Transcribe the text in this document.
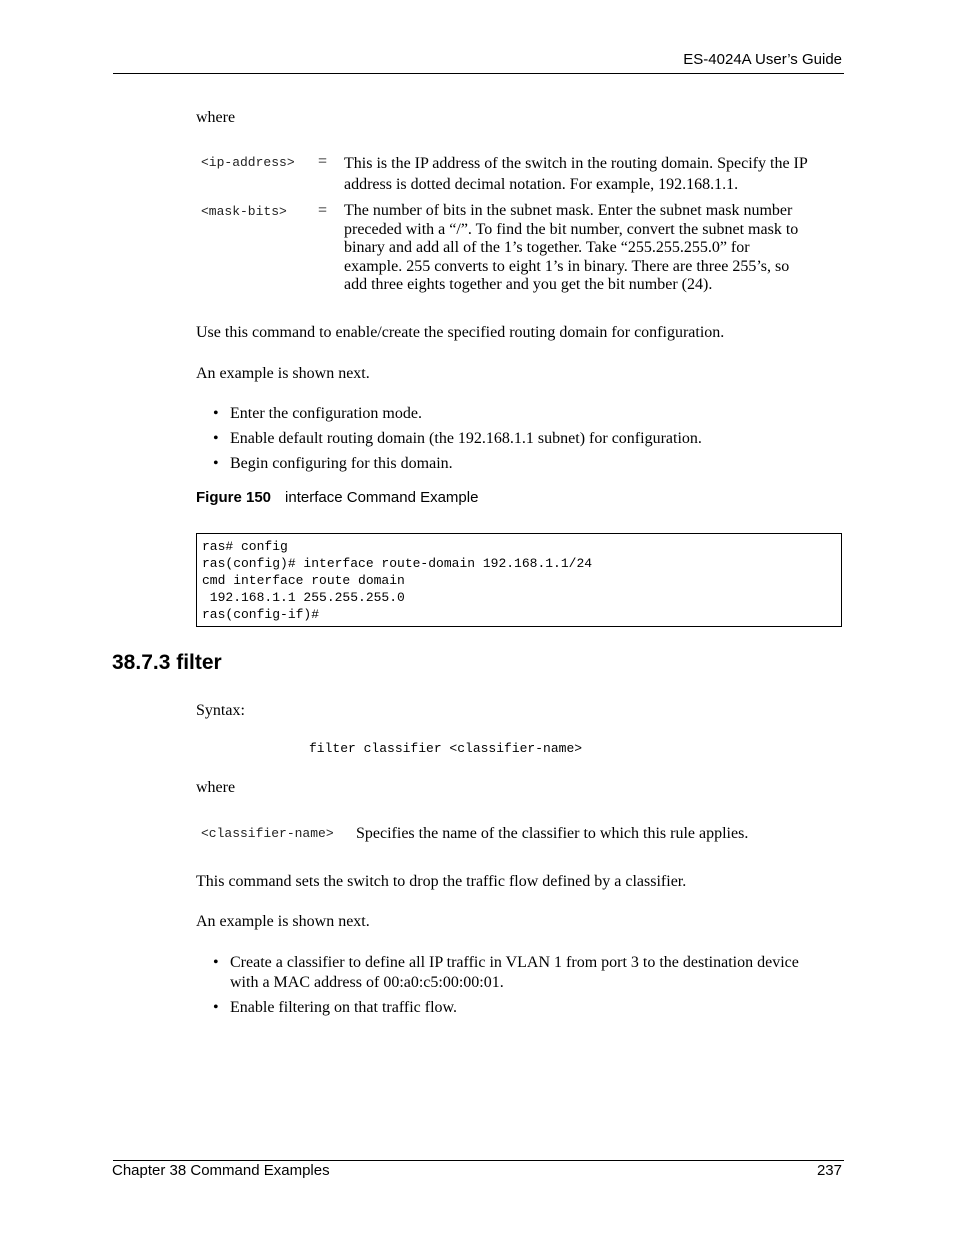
ES-4024A User’s Guide
where
<ip-address> = This is the IP address of the switch in the routing domain. Specify the IP
address is dotted decimal notation. For example, 192.168.1.1.
<mask-bits> = The number of bits in the subnet mask. Enter the subnet mask number
preceded with a “/”. To find the bit number, convert the subnet mask to
binary and add all of the 1’s together. Take “255.255.255.0” for
example. 255 converts to eight 1’s in binary. There are three 255’s, so
add three eights together and you get the bit number (24).
Use this command to enable/create the specified routing domain for configuration.
An example is shown next.
• Enter the configuration mode.
• Enable default routing domain (the 192.168.1.1 subnet) for configuration.
• Begin configuring for this domain.
Figure 150 interface Command Example
ras# config
ras(config)# interface route-domain 192.168.1.1/24
cmd interface route domain
192.168.1.1 255.255.255.0
ras(config-if)#
38.7.3 filter
Syntax:
filter classifier <classifier-name>
where
<classifier-name> Specifies the name of the classifier to which this rule applies.
This command sets the switch to drop the traffic flow defined by a classifier.
An example is shown next.
• Create a classifier to define all IP traffic in VLAN 1 from port 3 to the destination device
with a MAC address of 00:a0:c5:00:00:01.
• Enable filtering on that traffic flow.
Chapter 38 Command Examples	237
